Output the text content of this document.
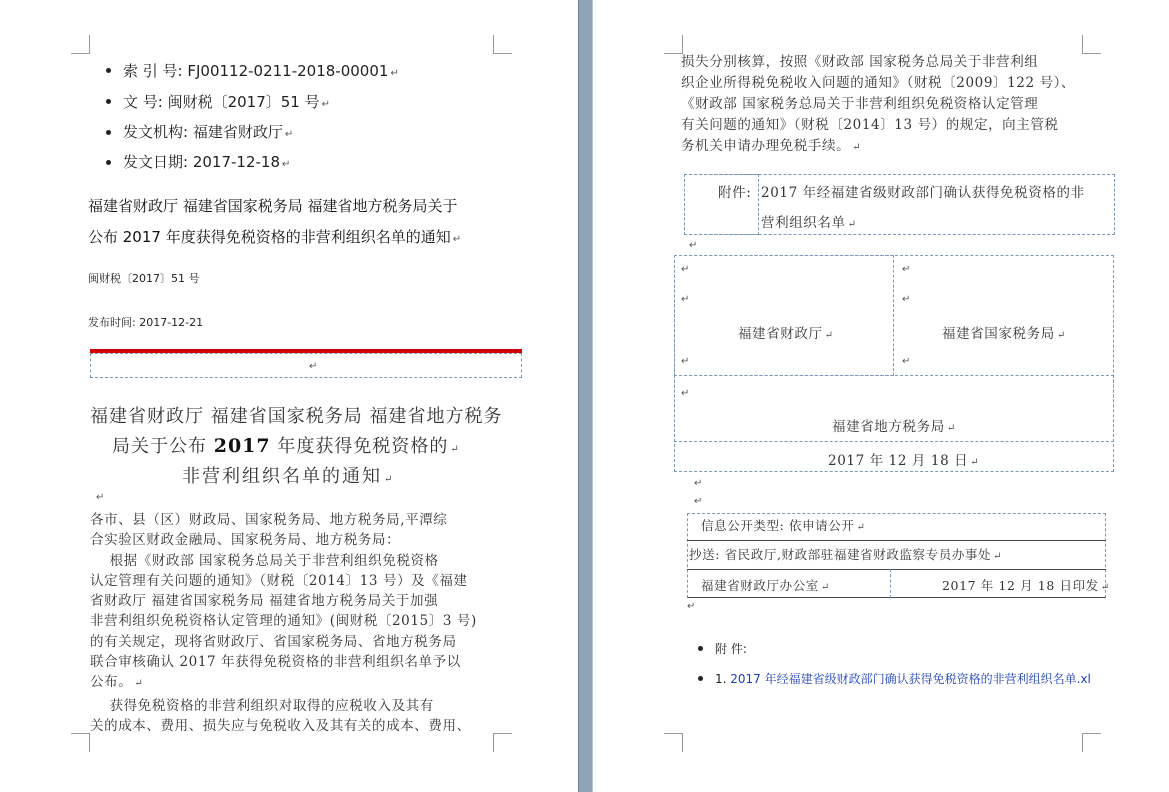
索 引 号: FJ00112-0211-2018-00001 ↵
文 号: 闽财税〔2017〕51 号 ↵
发文机构: 福建省财政厅 ↵
发文日期: 2017-12-18 ↵
福建省财政厅 福建省国家税务局 福建省地方税务局关于
公布 2017 年度获得免税资格的非营利组织名单的通知 ↵
闽财税〔2017〕51 号
发布时间: 2017-12-21
↵
福建省财政厅 福建省国家税务局 福建省地方税务
局关于公布 2017 年度获得免税资格的 ↵
非营利组织名单的通知 ↵
↵
各市、县（区）财政局、国家税务局、地方税务局,平潭综
合实验区财政金融局、国家税务局、地方税务局：
根据《财政部 国家税务总局关于非营利组织免税资格
认定管理有关问题的通知》（财税〔2014〕13 号）及《福建
省财政厅 福建省国家税务局 福建省地方税务局关于加强
非营利组织免税资格认定管理的通知》(闽财税〔2015〕3 号)
的有关规定，现将省财政厅、省国家税务局、省地方税务局
联合审核确认 2017 年获得免税资格的非营利组织名单予以
公布。 ↵
获得免税资格的非营利组织对取得的应税收入及其有
关的成本、费用、损失应与免税收入及其有关的成本、费用、
损失分别核算，按照《财政部 国家税务总局关于非营利组
织企业所得税免税收入问题的通知》（财税〔2009〕122 号）、
《财政部 国家税务总局关于非营利组织免税资格认定管理
有关问题的通知》（财税〔2014〕13 号）的规定，向主管税
务机关申请办理免税手续。 ↵
附件: 2017 年经福建省级财政部门确认获得免税资格的非
营利组织名单 ↵
↵
↵
↵
↵
↵
↵
↵
↵
福建省财政厅 ↵	福建省国家税务局 ↵
福建省地方税务局 ↵
2017 年 12 月 18 日 ↵
↵
↵
信息公开类型: 依申请公开 ↵
抄送: 省民政厅,财政部驻福建省财政监察专员办事处 ↵
福建省财政厅办公室 ↵	2017 年 12 月 18 日印发 ↵
↵
附 件:
1. 2017 年经福建省级财政部门确认获得免税资格的非营利组织名单.xl
